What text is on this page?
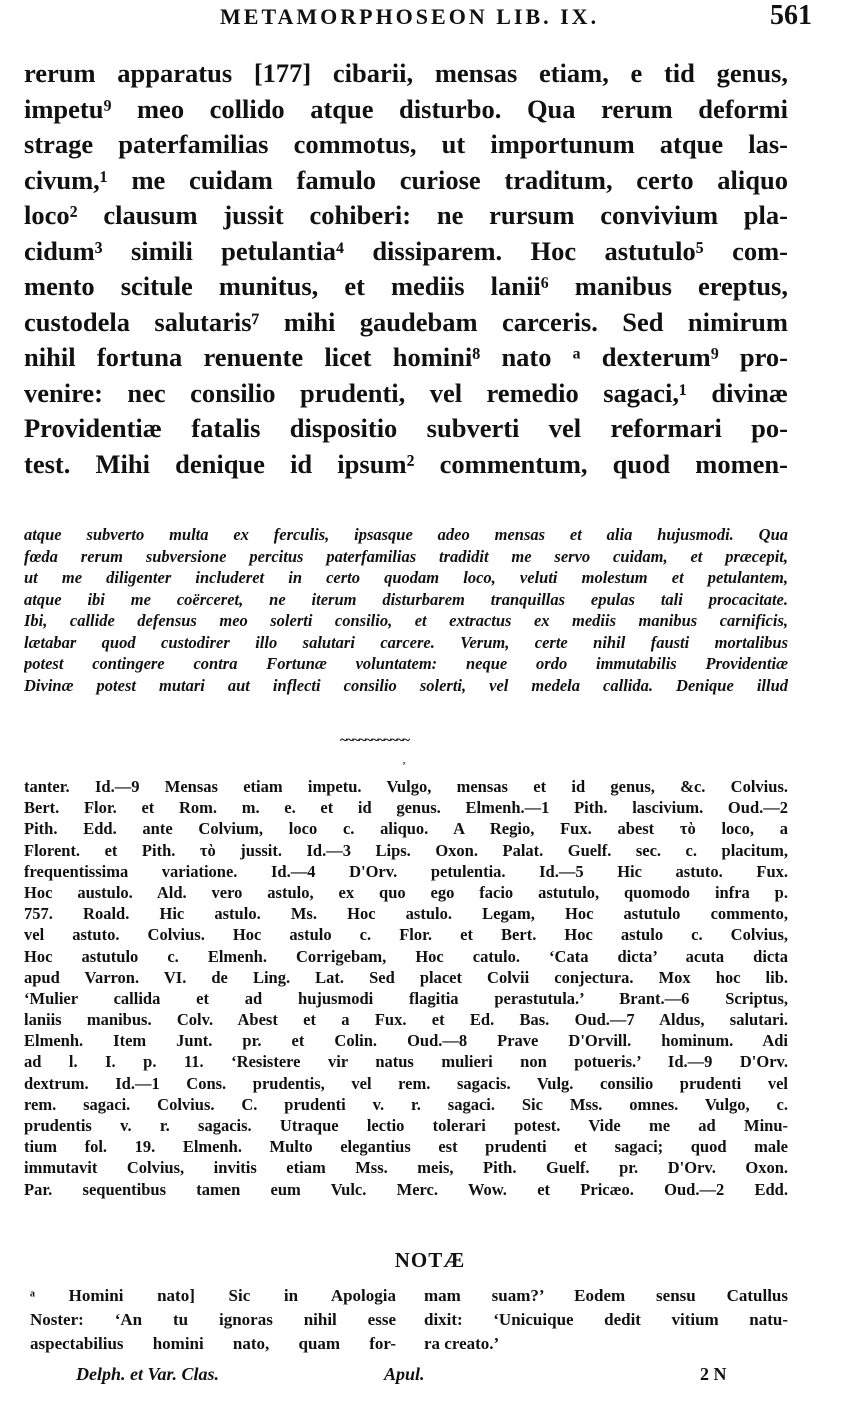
METAMORPHOSEON LIB. IX.	561
rerum apparatus [177] cibarii, mensas etiam, e tid genus,
impetu⁹ meo collido atque disturbo. Qua rerum deformi
strage paterfamilias commotus, ut importunum atque las-
civum,¹ me cuidam famulo curiose traditum, certo aliquo
loco² clausum jussit cohiberi: ne rursum convivium pla-
cidum³ simili petulantia⁴ dissiparem. Hoc astutulo⁵ com-
mento scitule munitus, et mediis lanii⁶ manibus ereptus,
custodela salutaris⁷ mihi gaudebam carceris. Sed nimirum
nihil fortuna renuente licet homini⁸ nato ᵃ dexterum⁹ pro-
venire: nec consilio prudenti, vel remedio sagaci,¹ divinæ
Providentiæ fatalis dispositio subverti vel reformari po-
test. Mihi denique id ipsum² commentum, quod momen-
atque subverto multa ex ferculis, ipsasque adeo mensas et alia hujusmodi. Qua
fœda rerum subversione percitus paterfamilias tradidit me servo cuidam, et præcepit,
ut me diligenter includeret in certo quodam loco, veluti molestum et petulantem,
atque ibi me coërceret, ne iterum disturbarem tranquillas epulas tali procacitate.
Ibi, callide defensus meo solerti consilio, et extractus ex mediis manibus carnificis,
lætabar quod custodirer illo salutari carcere. Verum, certe nihil fausti mortalibus
potest contingere contra Fortunæ voluntatem: neque ordo immutabilis Providentiæ
Divinæ potest mutari aut inflecti consilio solerti, vel medela callida. Denique illud
~~~~~~~~~~~
‚
tanter. Id.—9 Mensas etiam impetu. Vulgo, mensas et id genus, &c. Colvius.
Bert. Flor. et Rom. m. e. et id genus. Elmenh.—1 Pith. lascivium. Oud.—2
Pith. Edd. ante Colvium, loco c. aliquo. A Regio, Fux. abest τὸ loco, a
Florent. et Pith. τὸ jussit. Id.—3 Lips. Oxon. Palat. Guelf. sec. c. placitum,
frequentissima variatione. Id.—4 D'Orv. petulentia. Id.—5 Hic astuto. Fux.
Hoc austulo. Ald. vero astulo, ex quo ego facio astutulo, quomodo infra p.
757. Roald. Hic astulo. Ms. Hoc astulo. Legam, Hoc astutulo commento,
vel astuto. Colvius. Hoc astulo c. Flor. et Bert. Hoc astulo c. Colvius,
Hoc astutulo c. Elmenh. Corrigebam, Hoc catulo. ‘Cata dicta’ acuta dicta
apud Varron. VI. de Ling. Lat. Sed placet Colvii conjectura. Mox hoc lib.
‘Mulier callida et ad hujusmodi flagitia perastutula.’ Brant.—6 Scriptus,
laniis manibus. Colv. Abest et a Fux. et Ed. Bas. Oud.—7 Aldus, salutari.
Elmenh. Item Junt. pr. et Colin. Oud.—8 Prave D'Orvill. hominum. Adi
ad l. I. p. 11. ‘Resistere vir natus mulieri non potueris.’ Id.—9 D'Orv.
dextrum. Id.—1 Cons. prudentis, vel rem. sagacis. Vulg. consilio prudenti vel
rem. sagaci. Colvius. C. prudenti v. r. sagaci. Sic Mss. omnes. Vulgo, c.
prudentis v. r. sagacis. Utraque lectio tolerari potest. Vide me ad Minu-
tium fol. 19. Elmenh. Multo elegantius est prudenti et sagaci; quod male
immutavit Colvius, invitis etiam Mss. meis, Pith. Guelf. pr. D'Orv. Oxon.
Par. sequentibus tamen eum Vulc. Merc. Wow. et Pricæo. Oud.—2 Edd.
NOTÆ
ᵃ Homini nato] Sic in Apologia
Noster: ‘An tu ignoras nihil esse
aspectabilius homini nato, quam for-
mam suam?’ Eodem sensu Catullus
dixit: ‘Unicuique dedit vitium natu-
ra creato.’
Delph. et Var. Clas.	Apul.	2 N
